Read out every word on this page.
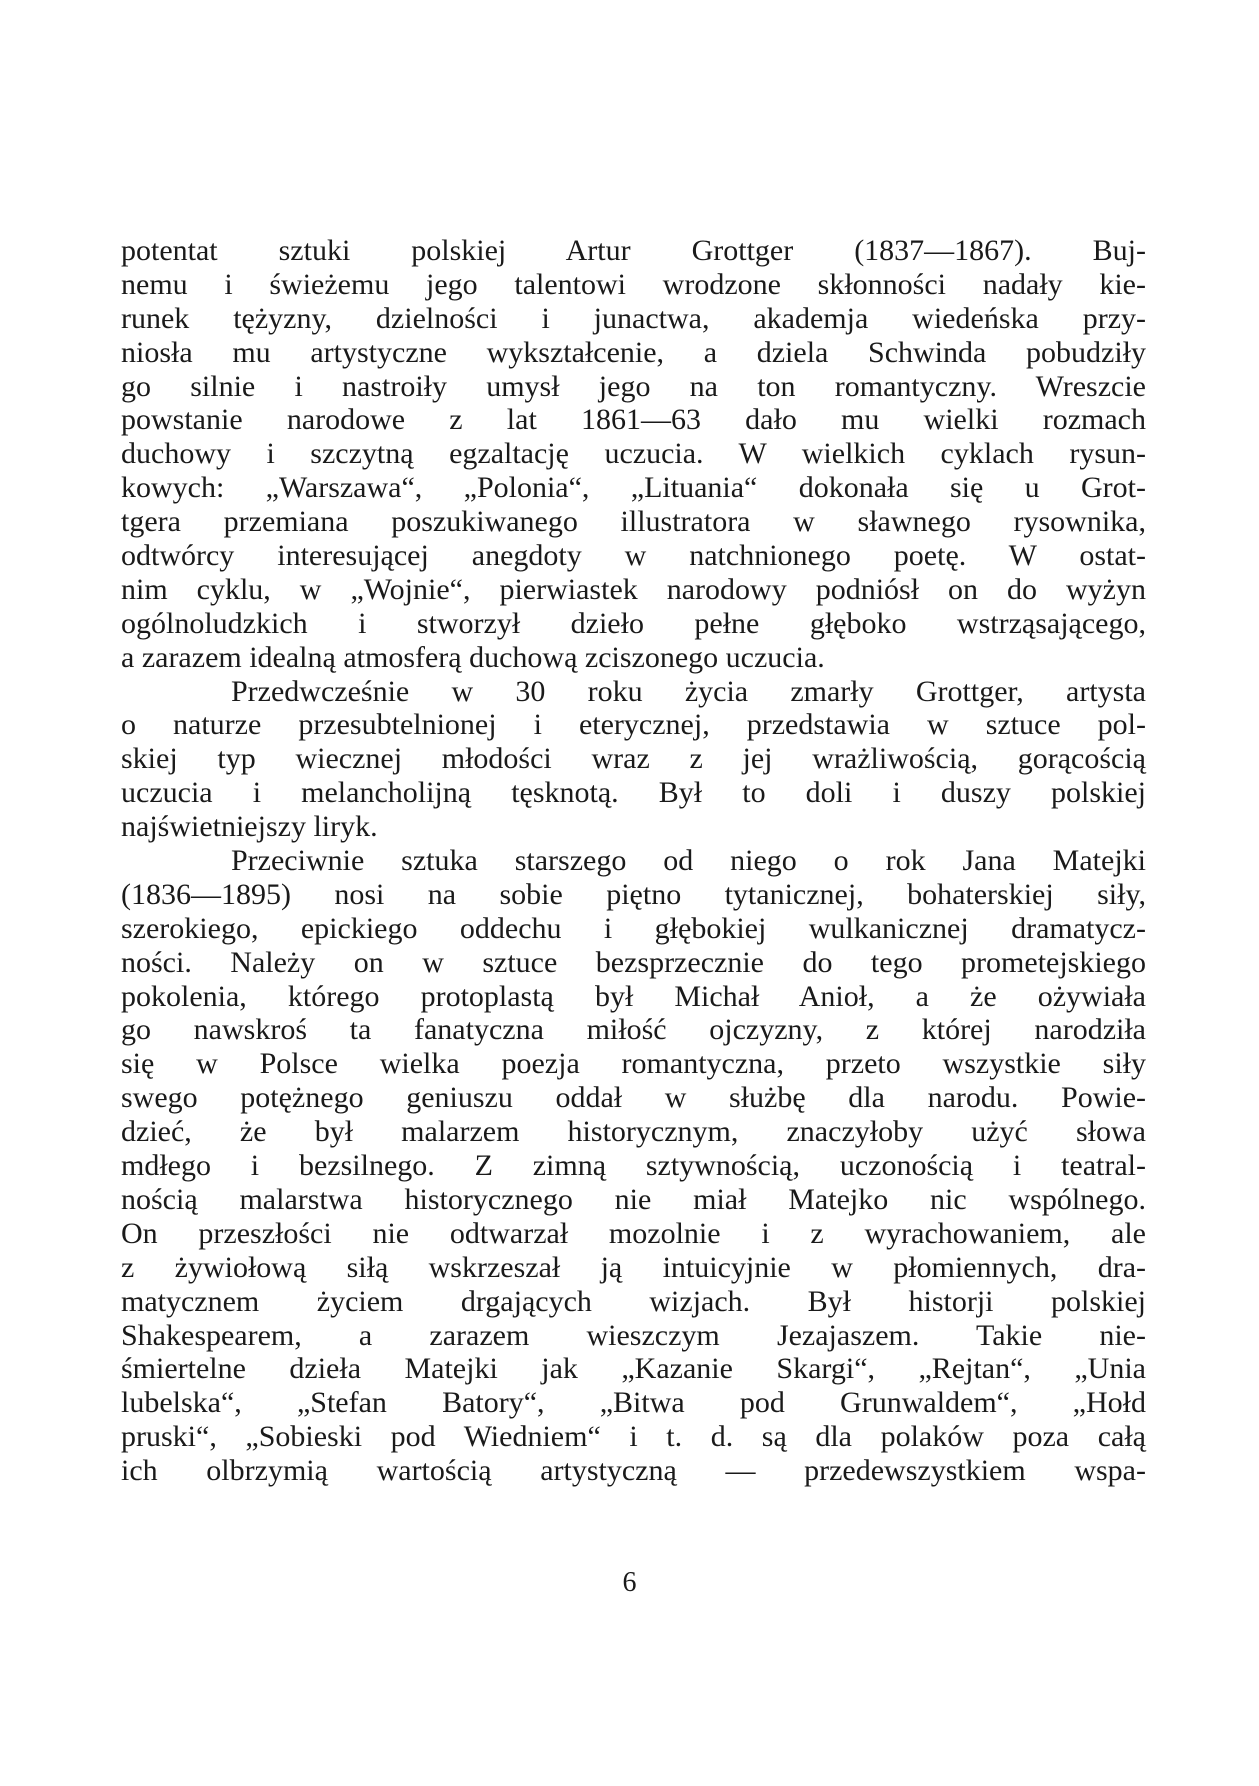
potentat sztuki polskiej Artur Grottger (1837—1867). Buj-
nemu i świeżemu jego talentowi wrodzone skłonności nadały kie-
runek tężyzny, dzielności i junactwa, akademja wiedeńska przy-
niosła mu artystyczne wykształcenie, a dziela Schwinda pobudziły
go silnie i nastroiły umysł jego na ton romantyczny. Wreszcie
powstanie narodowe z lat 1861—63 dało mu wielki rozmach
duchowy i szczytną egzaltację uczucia. W wielkich cyklach rysun-
kowych: „Warszawa“, „Polonia“, „Lituania“ dokonała się u Grot-
tgera przemiana poszukiwanego illustratora w sławnego rysownika,
odtwórcy interesującej anegdoty w natchnionego poetę. W ostat-
nim cyklu, w „Wojnie“, pierwiastek narodowy podniósł on do wyżyn
ogólnoludzkich i stworzył dzieło pełne głęboko wstrząsającego,
a zarazem idealną atmosferą duchową zciszonego uczucia.
Przedwcześnie w 30 roku życia zmarły Grottger, artysta
o naturze przesubtelnionej i eterycznej, przedstawia w sztuce pol-
skiej typ wiecznej młodości wraz z jej wrażliwością, gorącością
uczucia i melancholijną tęsknotą. Był to doli i duszy polskiej
najświetniejszy liryk.
Przeciwnie sztuka starszego od niego o rok Jana Matejki
(1836—1895) nosi na sobie piętno tytanicznej, bohaterskiej siły,
szerokiego, epickiego oddechu i głębokiej wulkanicznej dramatycz-
ności. Należy on w sztuce bezsprzecznie do tego prometejskiego
pokolenia, którego protoplastą był Michał Anioł, a że ożywiała
go nawskroś ta fanatyczna miłość ojczyzny, z której narodziła
się w Polsce wielka poezja romantyczna, przeto wszystkie siły
swego potężnego geniuszu oddał w służbę dla narodu. Powie-
dzieć, że był malarzem historycznym, znaczyłoby użyć słowa
mdłego i bezsilnego. Z zimną sztywnością, uczonością i teatral-
nością malarstwa historycznego nie miał Matejko nic wspólnego.
On przeszłości nie odtwarzał mozolnie i z wyrachowaniem, ale
z żywiołową siłą wskrzeszał ją intuicyjnie w płomiennych, dra-
matycznem życiem drgających wizjach. Był historji polskiej
Shakespearem, a zarazem wieszczym Jezajaszem. Takie nie-
śmiertelne dzieła Matejki jak „Kazanie Skargi“, „Rejtan“, „Unia
lubelska“, „Stefan Batory“, „Bitwa pod Grunwaldem“, „Hołd
pruski“, „Sobieski pod Wiedniem“ i t. d. są dla polaków poza całą
ich olbrzymią wartością artystyczną — przedewszystkiem wspa-
6
